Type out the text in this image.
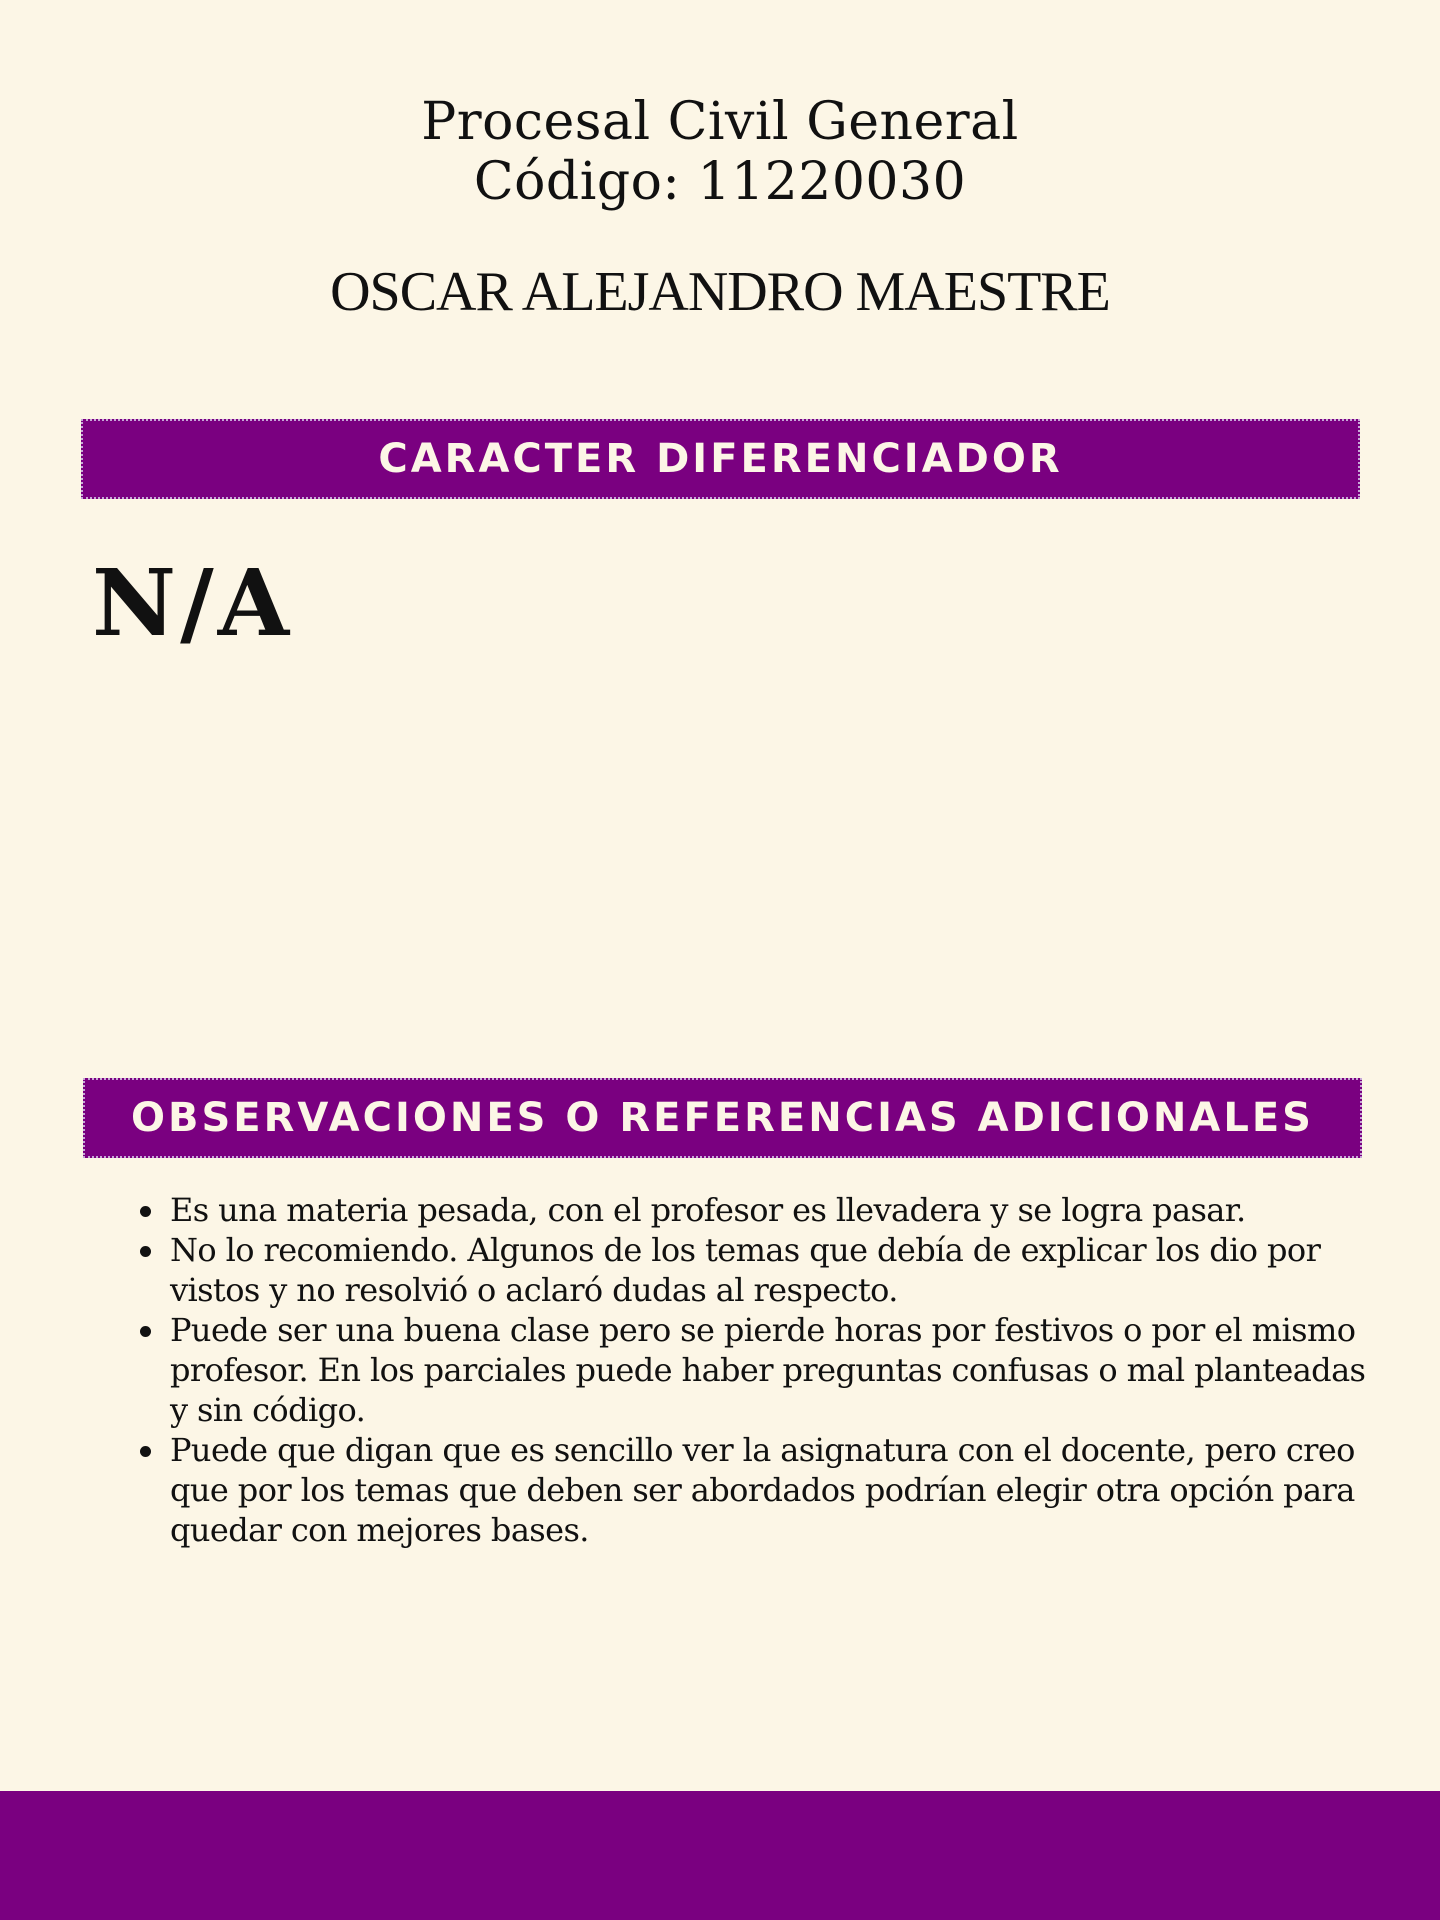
Procesal Civil General
Código: 11220030
OSCAR ALEJANDRO MAESTRE
CARACTER DIFERENCIADOR
N/A
OBSERVACIONES O REFERENCIAS ADICIONALES
Es una materia pesada, con el profesor es llevadera y se logra pasar.
No lo recomiendo. Algunos de los temas que debía de explicar los dio por vistos y no resolvió o aclaró dudas al respecto.
Puede ser una buena clase pero se pierde horas por festivos o por el mismo profesor. En los parciales puede haber preguntas confusas o mal planteadas y sin código.
Puede que digan que es sencillo ver la asignatura con el docente, pero creo que por los temas que deben ser abordados podrían elegir otra opción para quedar con mejores bases.
